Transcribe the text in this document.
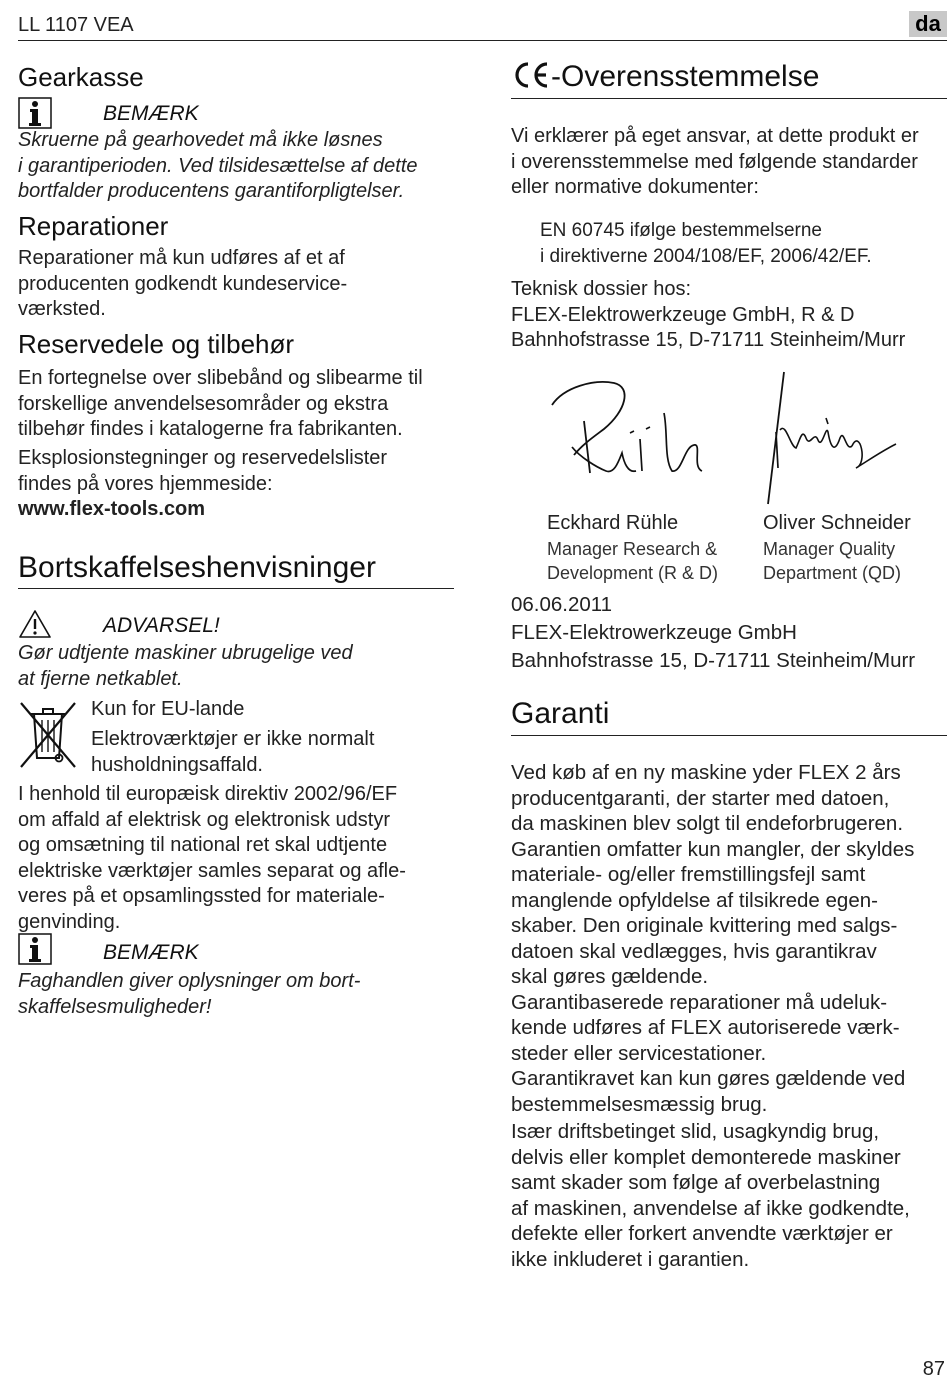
LL 1107 VEA	da
Gearkasse
BEMÆRK
Skruerne på gearhovedet må ikke løsnes
i garantiperioden. Ved tilsidesættelse af dette
bortfalder producentens garantiforpligtelser.
Reparationer
Reparationer må kun udføres af et af
producenten godkendt kundeservice-
værksted.
Reservedele og tilbehør
En fortegnelse over slibebånd og slibearme til
forskellige anvendelsesområder og ekstra
tilbehør findes i katalogerne fra fabrikanten.
Eksplosionstegninger og reservedelslister
findes på vores hjemmeside:
www.flex-tools.com
Bortskaffelseshenvisninger
ADVARSEL!
Gør udtjente maskiner ubrugelige ved
at fjerne netkablet.
Kun for EU-lande
Elektroværktøjer er ikke normalt
husholdningsaffald.
I henhold til europæisk direktiv 2002/96/EF
om affald af elektrisk og elektronisk udstyr
og omsætning til national ret skal udtjente
elektriske værktøjer samles separat og afle-
veres på et opsamlingssted for materiale-
genvinding.
BEMÆRK
Faghandlen giver oplysninger om bort-
skaffelsesmuligheder!
-Overensstemmelse
Vi erklærer på eget ansvar, at dette produkt er
i overensstemmelse med følgende standarder
eller normative dokumenter:
EN 60745 ifølge bestemmelserne
i direktiverne 2004/108/EF, 2006/42/EF.
Teknisk dossier hos:
FLEX-Elektrowerkzeuge GmbH, R & D
Bahnhofstrasse 15, D-71711 Steinheim/Murr
Eckhard Rühle
Manager Research &
Development (R & D)
Oliver Schneider
Manager Quality
Department (QD)
06.06.2011
FLEX-Elektrowerkzeuge GmbH
Bahnhofstrasse 15, D-71711 Steinheim/Murr
Garanti
Ved køb af en ny maskine yder FLEX 2 års
producentgaranti, der starter med datoen,
da maskinen blev solgt til endeforbrugeren.
Garantien omfatter kun mangler, der skyldes
materiale- og/eller fremstillingsfejl samt
manglende opfyldelse af tilsikrede egen-
skaber. Den originale kvittering med salgs-
datoen skal vedlægges, hvis garantikrav
skal gøres gældende.
Garantibaserede reparationer må udeluk-
kende udføres af FLEX autoriserede værk-
steder eller servicestationer.
Garantikravet kan kun gøres gældende ved
bestemmelsesmæssig brug.
Især driftsbetinget slid, usagkyndig brug,
delvis eller komplet demonterede maskiner
samt skader som følge af overbelastning
af maskinen, anvendelse af ikke godkendte,
defekte eller forkert anvendte værktøjer er
ikke inkluderet i garantien.
87
